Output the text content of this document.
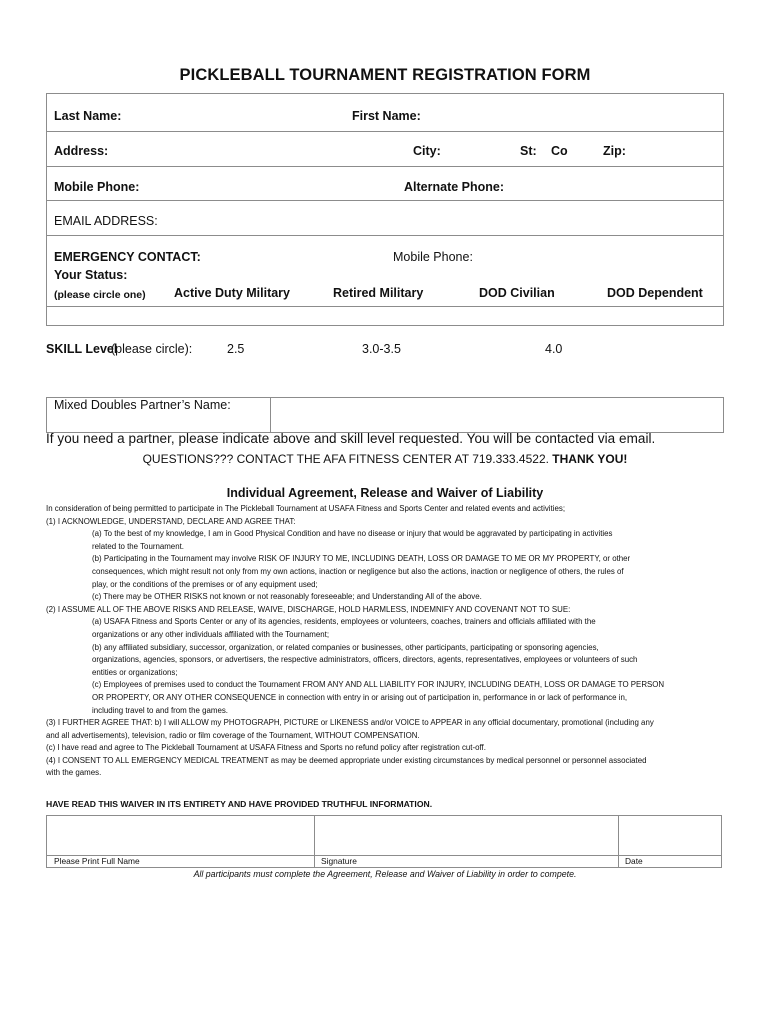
PICKLEBALL TOURNAMENT REGISTRATION FORM
Last Name:	First Name:
Address:	City:	St: Co	Zip:
Mobile Phone:	Alternate Phone:
EMAIL ADDRESS:
EMERGENCY CONTACT:	Mobile Phone:
Your Status:
(please circle one) Active Duty Military	Retired Military	DOD Civilian	DOD Dependent
SKILL Level
(please circle):	2.5	3.0-3.5	4.0
Mixed Doubles Partner’s Name:
If you need a partner, please indicate above and skill level requested. You will be contacted via email.
QUESTIONS??? CONTACT THE AFA FITNESS CENTER AT 719.333.4522. THANK YOU!
Individual Agreement, Release and Waiver of Liability

In consideration of being permitted to participate in The Pickleball Tournament at USAFA Fitness and Sports Center and related events and activities;

(1) I ACKNOWLEDGE, UNDERSTAND, DECLARE AND AGREE THAT:

(a) To the best of my knowledge, I am in Good Physical Condition and have no disease or injury that would be aggravated by participating in activities

related to the Tournament.

(b) Participating in the Tournament may involve RISK OF INJURY TO ME, INCLUDING DEATH, LOSS OR DAMAGE TO ME OR MY PROPERTY, or other

consequences, which might result not only from my own actions, inaction or negligence but also the actions, inaction or negligence of others, the rules of

play, or the conditions of the premises or of any equipment used;

(c) There may be OTHER RISKS not known or not reasonably foreseeable; and Understanding All of the above.

(2) I ASSUME ALL OF THE ABOVE RISKS AND RELEASE, WAIVE, DISCHARGE, HOLD HARMLESS, INDEMNIFY AND COVENANT NOT TO SUE:

(a) USAFA Fitness and Sports Center or any of its agencies, residents, employees or volunteers, coaches, trainers and officials affiliated with the

organizations or any other individuals affiliated with the Tournament;

(b) any affiliated subsidiary, successor, organization, or related companies or businesses, other participants, participating or sponsoring agencies,

organizations, agencies, sponsors, or advertisers, the respective administrators, officers, directors, agents, representatives, employees or volunteers of such

entities or organizations;

(c) Employees of premises used to conduct the Tournament FROM ANY AND ALL LIABILITY FOR INJURY, INCLUDING DEATH, LOSS OR DAMAGE TO PERSON

OR PROPERTY, OR ANY OTHER CONSEQUENCE in connection with entry in or arising out of participation in, performance in or lack of performance in,

including travel to and from the games.

(3) I FURTHER AGREE THAT: b) I will ALLOW my PHOTOGRAPH, PICTURE or LIKENESS and/or VOICE to APPEAR in any official documentary, promotional (including any

and all advertisements), television, radio or film coverage of the Tournament, WITHOUT COMPENSATION.

(c) I have read and agree to The Pickleball Tournament at USAFA Fitness and Sports no refund policy after registration cut-off.

(4) I CONSENT TO ALL EMERGENCY MEDICAL TREATMENT as may be deemed appropriate under existing circumstances by medical personnel or personnel associated

with the games.

HAVE READ THIS WAIVER IN ITS ENTIRETY AND HAVE PROVIDED TRUTHFUL INFORMATION.
Please Print Full Name	Signature	Date
All participants must complete the Agreement, Release and Waiver of Liability in order to compete.
